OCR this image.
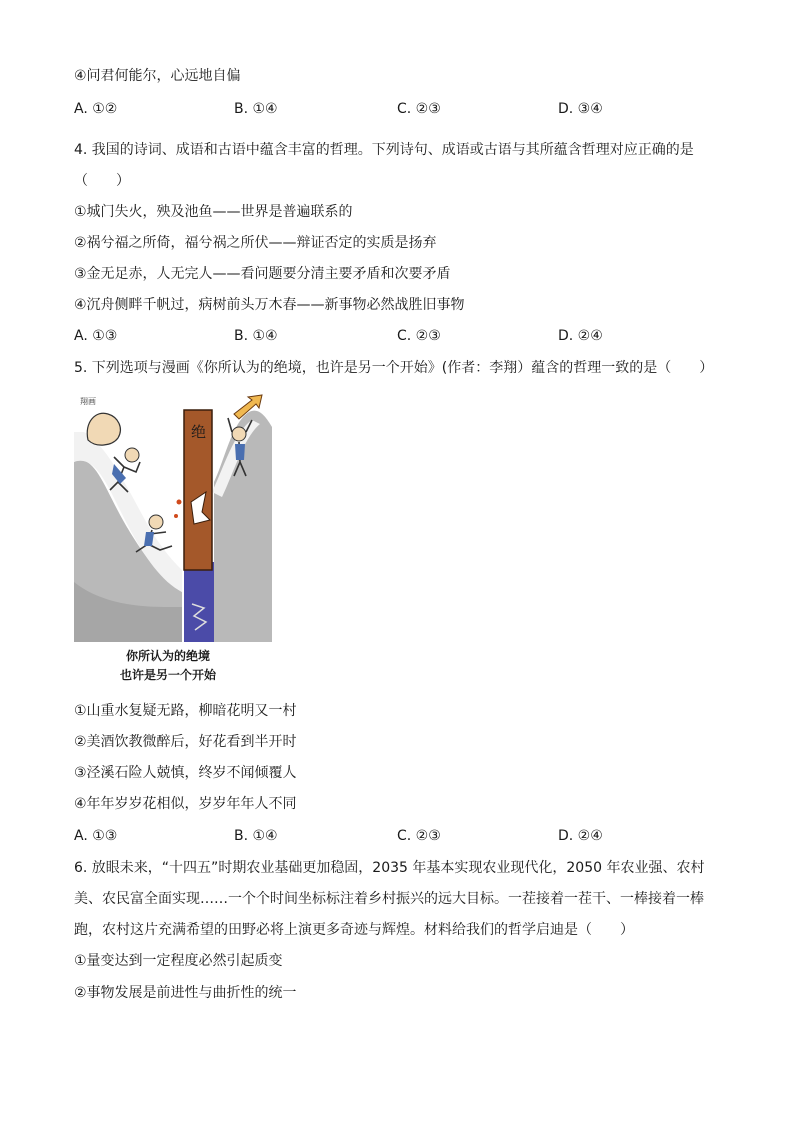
④问君何能尔，心远地自偏
A. ①②	B. ①④	C. ②③	D. ③④
4. 我国的诗词、成语和古语中蕴含丰富的哲理。下列诗句、成语或古语与其所蕴含哲理对应正确的是
（　　）
①城门失火，殃及池鱼——世界是普遍联系的
②祸兮福之所倚，福兮祸之所伏——辩证否定的实质是扬弃
③金无足赤，人无完人——看问题要分清主要矛盾和次要矛盾
④沉舟侧畔千帆过，病树前头万木春——新事物必然战胜旧事物
A. ①③	B. ①④	C. ②③	D. ②④
5. 下列选项与漫画《你所认为的绝境，也许是另一个开始》(作者：李翔）蕴含的哲理一致的是（　　）
绝
翔画
你所认为的绝境
也许是另一个开始
①山重水复疑无路，柳暗花明又一村
②美酒饮教微醉后，好花看到半开时
③泾溪石险人兢慎，终岁不闻倾覆人
④年年岁岁花相似，岁岁年年人不同
A. ①③	B. ①④	C. ②③	D. ②④
6. 放眼未来，“十四五”时期农业基础更加稳固，2035 年基本实现农业现代化，2050 年农业强、农村
美、农民富全面实现……一个个时间坐标标注着乡村振兴的远大目标。一茬接着一茬干、一棒接着一棒
跑，农村这片充满希望的田野必将上演更多奇迹与辉煌。材料给我们的哲学启迪是（　　）
①量变达到一定程度必然引起质变
②事物发展是前进性与曲折性的统一
